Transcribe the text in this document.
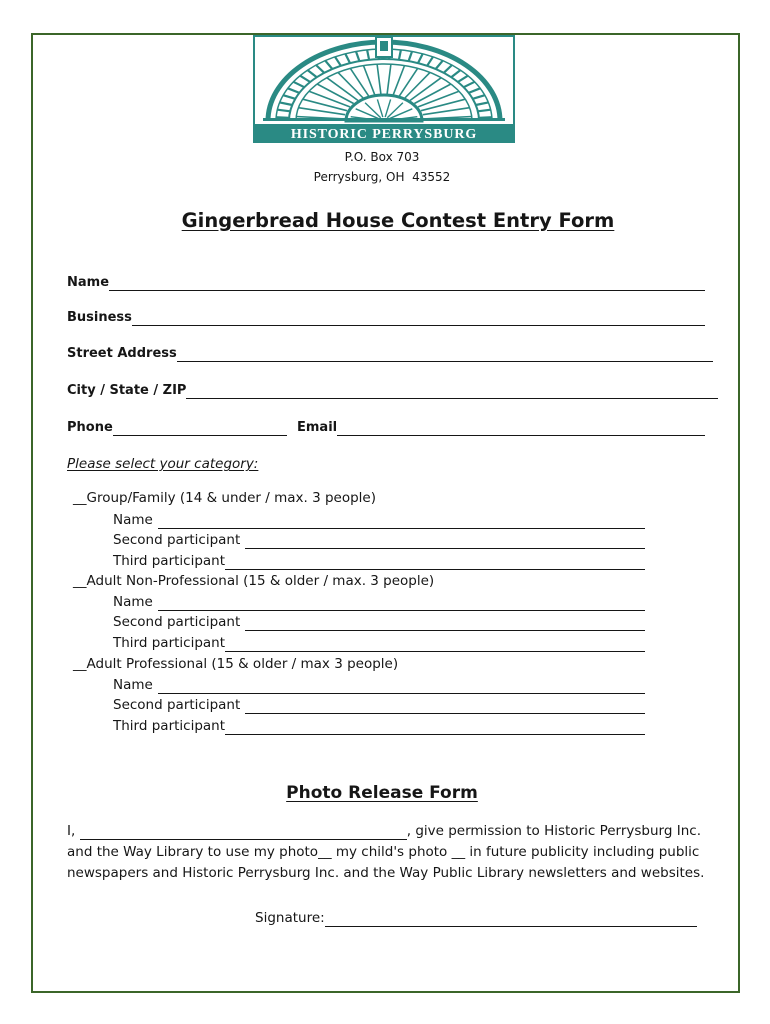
HISTORIC PERRYSBURG
P.O. Box 703
Perrysburg, OH  43552
Gingerbread House Contest Entry Form
Name
​
Business
​
Street Address
​
City / State / ZIP
​
Phone ​	Email
​
Please select your category:
__Group/Family (14 & under / max. 3 people)
Name
​
Second participant
​
Third participant
​
__Adult Non-Professional (15 & older / max. 3 people)
Name
​
Second participant
​
Third participant
​
__Adult Professional (15 & older / max 3 people)
Name
​
Second participant
​
Third participant
​
Photo Release Form
I, ​	, give permission to Historic Perrysburg Inc.
and the Way Library to use my photo__ my child's photo __ in future publicity including public
newspapers and Historic Perrysburg Inc. and the Way Public Library newsletters and websites.
Signature:
​
